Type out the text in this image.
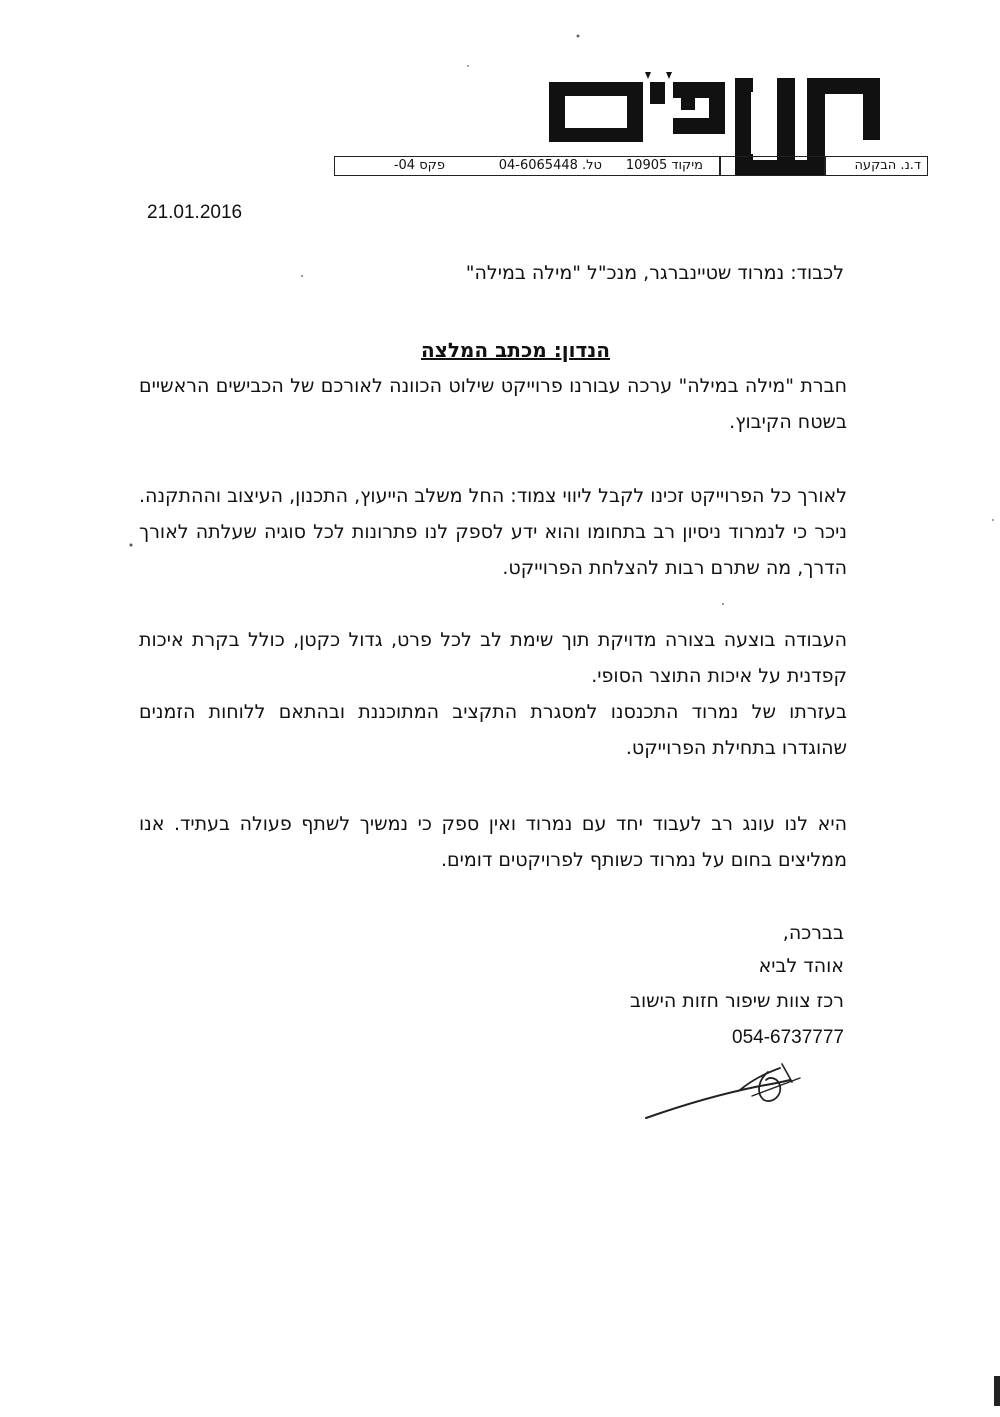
ד.נ. הבקעה
מיקוד 10905
טל. 04-6065448
פקס 04-
21.01.2016
לכבוד: נמרוד שטיינברגר, מנכ"ל "מילה במילה"
הנדון: מכתב המלצה
חברת "מילה במילה" ערכה עבורנו פרוייקט שילוט הכוונה לאורכם של הכבישים הראשיים בשטח הקיבוץ.
לאורך כל הפרוייקט זכינו לקבל ליווי צמוד: החל משלב הייעוץ, התכנון, העיצוב וההתקנה. ניכר כי לנמרוד ניסיון רב בתחומו והוא ידע לספק לנו פתרונות לכל סוגיה שעלתה לאורך הדרך, מה שתרם רבות להצלחת הפרוייקט.
העבודה בוצעה בצורה מדויקת תוך שימת לב לכל פרט, גדול כקטן, כולל בקרת איכות קפדנית על איכות התוצר הסופי.
בעזרתו של נמרוד התכנסנו למסגרת התקציב המתוכננת ובהתאם ללוחות הזמנים שהוגדרו בתחילת הפרוייקט.
היא לנו עונג רב לעבוד יחד עם נמרוד ואין ספק כי נמשיך לשתף פעולה בעתיד. אנו ממליצים בחום על נמרוד כשותף לפרויקטים דומים.
בברכה,
אוהד לביא
רכז צוות שיפור חזות הישוב
054-6737777
